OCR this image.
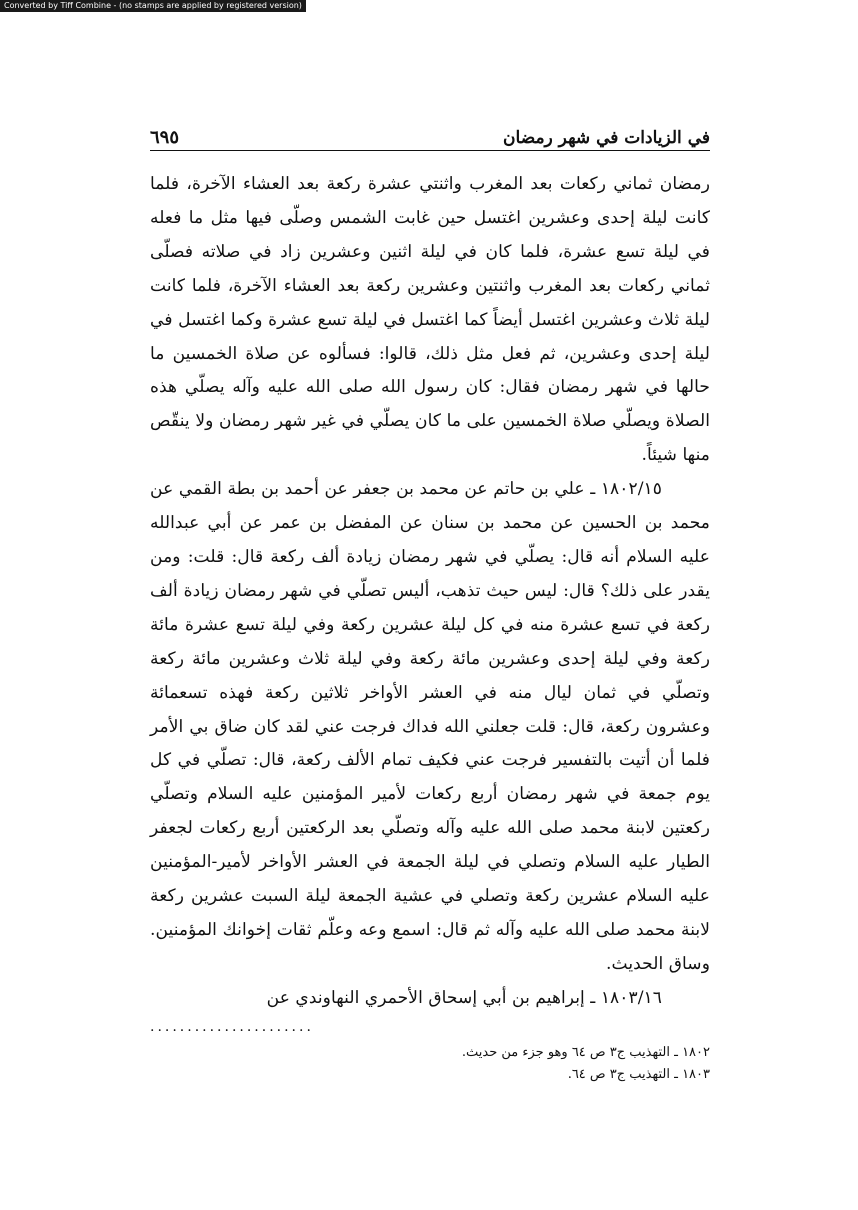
Converted by Tiff Combine - (no stamps are applied by registered version)
في الزيادات في شهر رمضان
٦٩٥

رمضان ثماني ركعات بعد المغرب واثنتي عشرة ركعة بعد العشاء الآخرة، فلما كانت ليلة إحدى وعشرين اغتسل حين غابت الشمس وصلّى فيها مثل ما فعله في ليلة تسع عشرة، فلما كان في ليلة اثنين وعشرين زاد في صلاته فصلّى ثماني ركعات بعد المغرب واثنتين وعشرين ركعة بعد العشاء الآخرة، فلما كانت ليلة ثلاث وعشرين اغتسل أيضاً كما اغتسل في ليلة تسع عشرة وكما اغتسل في ليلة إحدى وعشرين، ثم فعل مثل ذلك، قالوا: فسألوه عن صلاة الخمسين ما حالها في شهر رمضان فقال: كان رسول الله صلى الله عليه وآله يصلّي هذه الصلاة ويصلّي صلاة الخمسين على ما كان يصلّي في غير شهر رمضان ولا ينقّص منها شيئاً.

١٨٠٢/١٥ ـ علي بن حاتم عن محمد بن جعفر عن أحمد بن بطة القمي عن محمد بن الحسين عن محمد بن سنان عن المفضل بن عمر عن أبي عبدالله عليه السلام أنه قال: يصلّي في شهر رمضان زيادة ألف ركعة قال: قلت: ومن يقدر على ذلك؟ قال: ليس حيث تذهب، أليس تصلّي في شهر رمضان زيادة ألف ركعة في تسع عشرة منه في كل ليلة عشرين ركعة وفي ليلة تسع عشرة مائة ركعة وفي ليلة إحدى وعشرين مائة ركعة وفي ليلة ثلاث وعشرين مائة ركعة وتصلّي في ثمان ليال منه في العشر الأواخر ثلاثين ركعة فهذه تسعمائة وعشرون ركعة، قال: قلت جعلني الله فداك فرجت عني لقد كان ضاق بي الأمر فلما أن أتيت بالتفسير فرجت عني فكيف تمام الألف ركعة، قال: تصلّي في كل يوم جمعة في شهر رمضان أربع ركعات لأمير المؤمنين عليه السلام وتصلّي ركعتين لابنة محمد صلى الله عليه وآله وتصلّي بعد الركعتين أربع ركعات لجعفر الطيار عليه السلام وتصلي في ليلة الجمعة في العشر الأواخر لأمير-المؤمنين عليه السلام عشرين ركعة وتصلي في عشية الجمعة ليلة السبت عشرين ركعة لابنة محمد صلى الله عليه وآله ثم قال: اسمع وعه وعلّم ثقات إخوانك المؤمنين. وساق الحديث.

١٨٠٣/١٦ ـ إبراهيم بن أبي إسحاق الأحمري النهاوندي عن

......................
١٨٠٢ ـ التهذيب ج٣ ص ٦٤ وهو جزء من حديث.
١٨٠٣ ـ التهذيب ج٣ ص ٦٤.
